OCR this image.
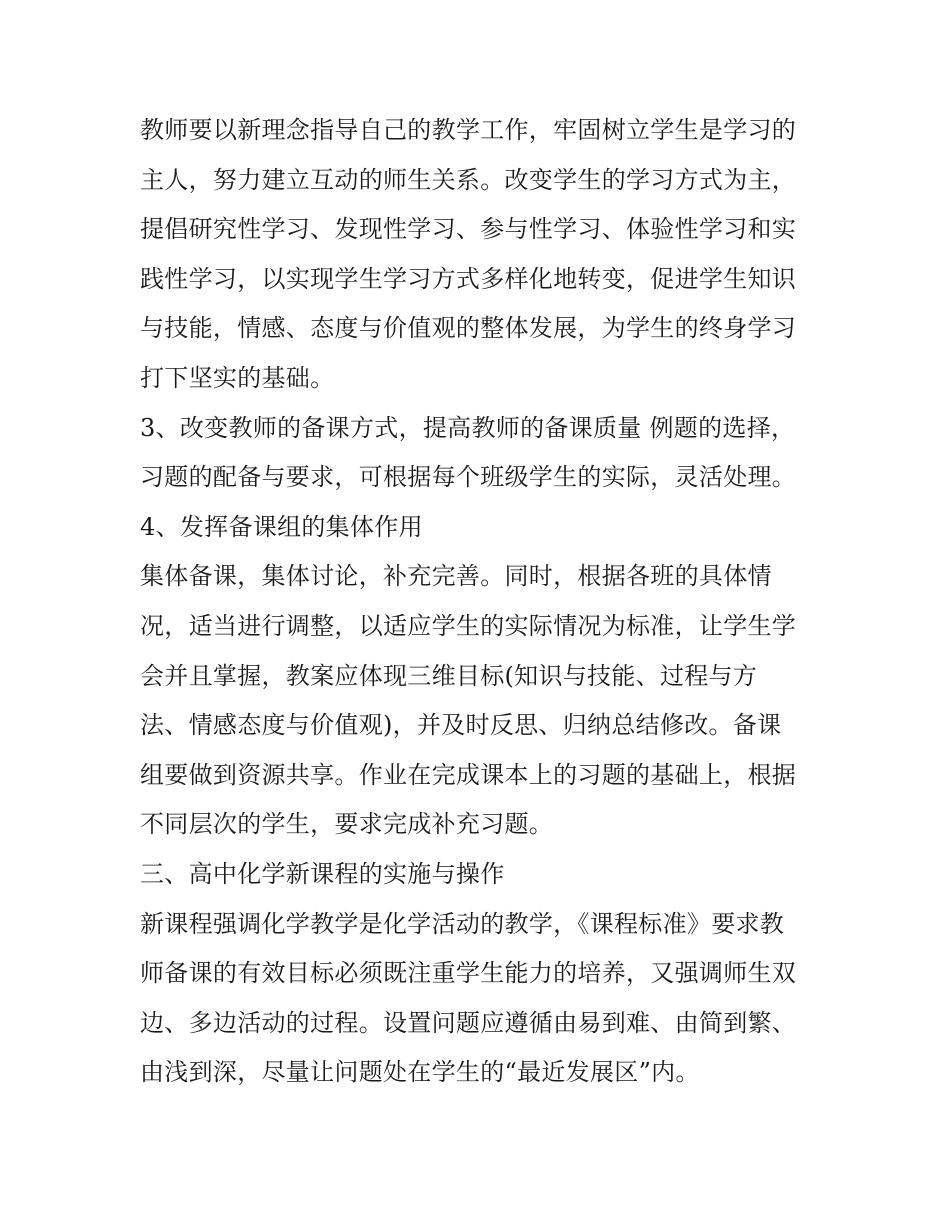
教师要以新理念指导自己的教学工作，牢固树立学生是学习的
主人，努力建立互动的师生关系。改变学生的学习方式为主，
提倡研究性学习、发现性学习、参与性学习、体验性学习和实
践性学习，以实现学生学习方式多样化地转变，促进学生知识
与技能，情感、态度与价值观的整体发展，为学生的终身学习
打下坚实的基础。
3、改变教师的备课方式，提高教师的备课质量 例题的选择，
习题的配备与要求，可根据每个班级学生的实际，灵活处理。
4、发挥备课组的集体作用
集体备课，集体讨论，补充完善。同时，根据各班的具体情
况，适当进行调整，以适应学生的实际情况为标准，让学生学
会并且掌握，教案应体现三维目标(知识与技能、过程与方
法、情感态度与价值观)，并及时反思、归纳总结修改。备课
组要做到资源共享。作业在完成课本上的习题的基础上，根据
不同层次的学生，要求完成补充习题。
三、高中化学新课程的实施与操作
新课程强调化学教学是化学活动的教学，《课程标准》要求教
师备课的有效目标必须既注重学生能力的培养，又强调师生双
边、多边活动的过程。设置问题应遵循由易到难、由简到繁、
由浅到深，尽量让问题处在学生的“最近发展区”内。
